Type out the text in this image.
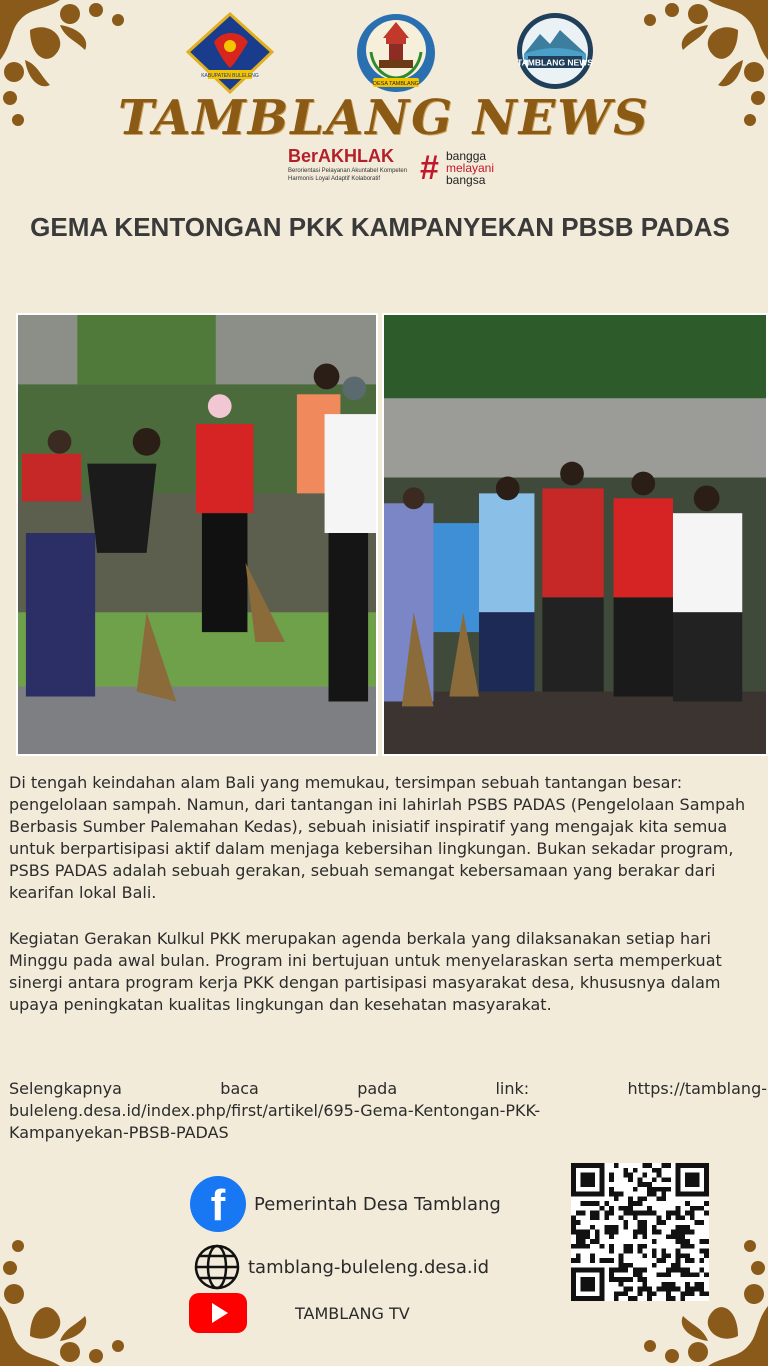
KABUPATEN BULELENG
DESA TAMBLANG
TAMBLANG NEWS
TAMBLANG NEWS
BerAKHLAK
Berorientasi Pelayanan Akuntabel Kompeten
Harmonis Loyal Adaptif Kolaboratif	# bangga
melayani
bangsa
GEMA KENTONGAN PKK KAMPANYEKAN PBSB PADAS

Di tengah keindahan alam Bali yang memukau, tersimpan sebuah tantangan besar: pengelolaan sampah. Namun, dari tantangan ini lahirlah PSBS PADAS (Pengelolaan Sampah Berbasis Sumber Palemahan Kedas), sebuah inisiatif inspiratif yang mengajak kita semua untuk berpartisipasi aktif dalam menjaga kebersihan lingkungan. Bukan sekadar program, PSBS PADAS adalah sebuah gerakan, sebuah semangat kebersamaan yang berakar dari kearifan lokal Bali.

Kegiatan Gerakan Kulkul PKK merupakan agenda berkala yang dilaksanakan setiap hari Minggu pada awal bulan. Program ini bertujuan untuk menyelaraskan serta memperkuat sinergi antara program kerja PKK dengan partisipasi masyarakat desa, khususnya dalam upaya peningkatan kualitas lingkungan dan kesehatan masyarakat.

Selengkapnya	baca	pada	link:	https://tamblang-
buleleng.desa.id/index.php/first/artikel/695-Gema-Kentongan-PKK-
Kampanyekan-PBSB-PADAS
f Pemerintah Desa Tamblang
tamblang-buleleng.desa.id
TAMBLANG TV
